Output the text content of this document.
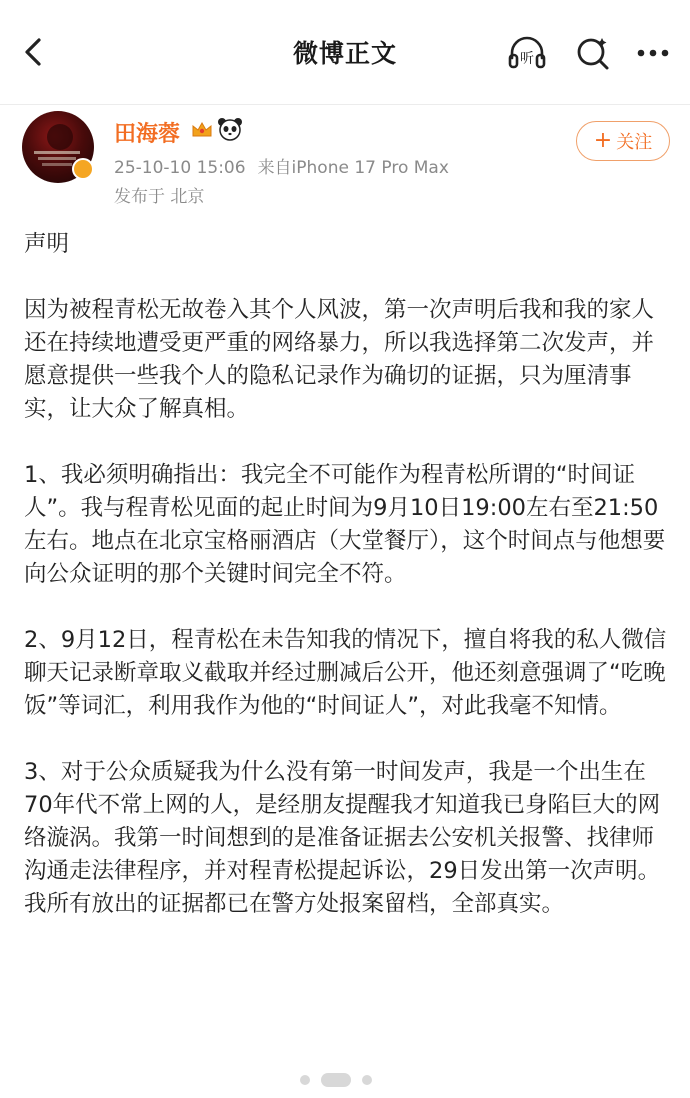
微博正文	听
田海蓉
25-10-10 15:06 来自iPhone 17 Pro Max
发布于 北京
+ 关注

声明

因为被程青松无故卷入其个人风波，第一次声明后我和我的家人还在持续地遭受更严重的网络暴力，所以我选择第二次发声，并愿意提供一些我个人的隐私记录作为确切的证据，只为厘清事实，让大众了解真相。

1、我必须明确指出：我完全不可能作为程青松所谓的“时间证人”。我与程青松见面的起止时间为9月10日19:00左右至21:50左右。地点在北京宝格丽酒店（大堂餐厅），这个时间点与他想要向公众证明的那个关键时间完全不符。

2、9月12日，程青松在未告知我的情况下，擅自将我的私人微信聊天记录断章取义截取并经过删减后公开，他还刻意强调了“吃晚饭”等词汇，利用我作为他的“时间证人”，对此我毫不知情。

3、对于公众质疑我为什么没有第一时间发声，我是一个出生在70年代不常上网的人，是经朋友提醒我才知道我已身陷巨大的网络漩涡。我第一时间想到的是准备证据去公安机关报警、找律师沟通走法律程序，并对程青松提起诉讼，29日发出第一次声明。我所有放出的证据都已在警方处报案留档，全部真实。
